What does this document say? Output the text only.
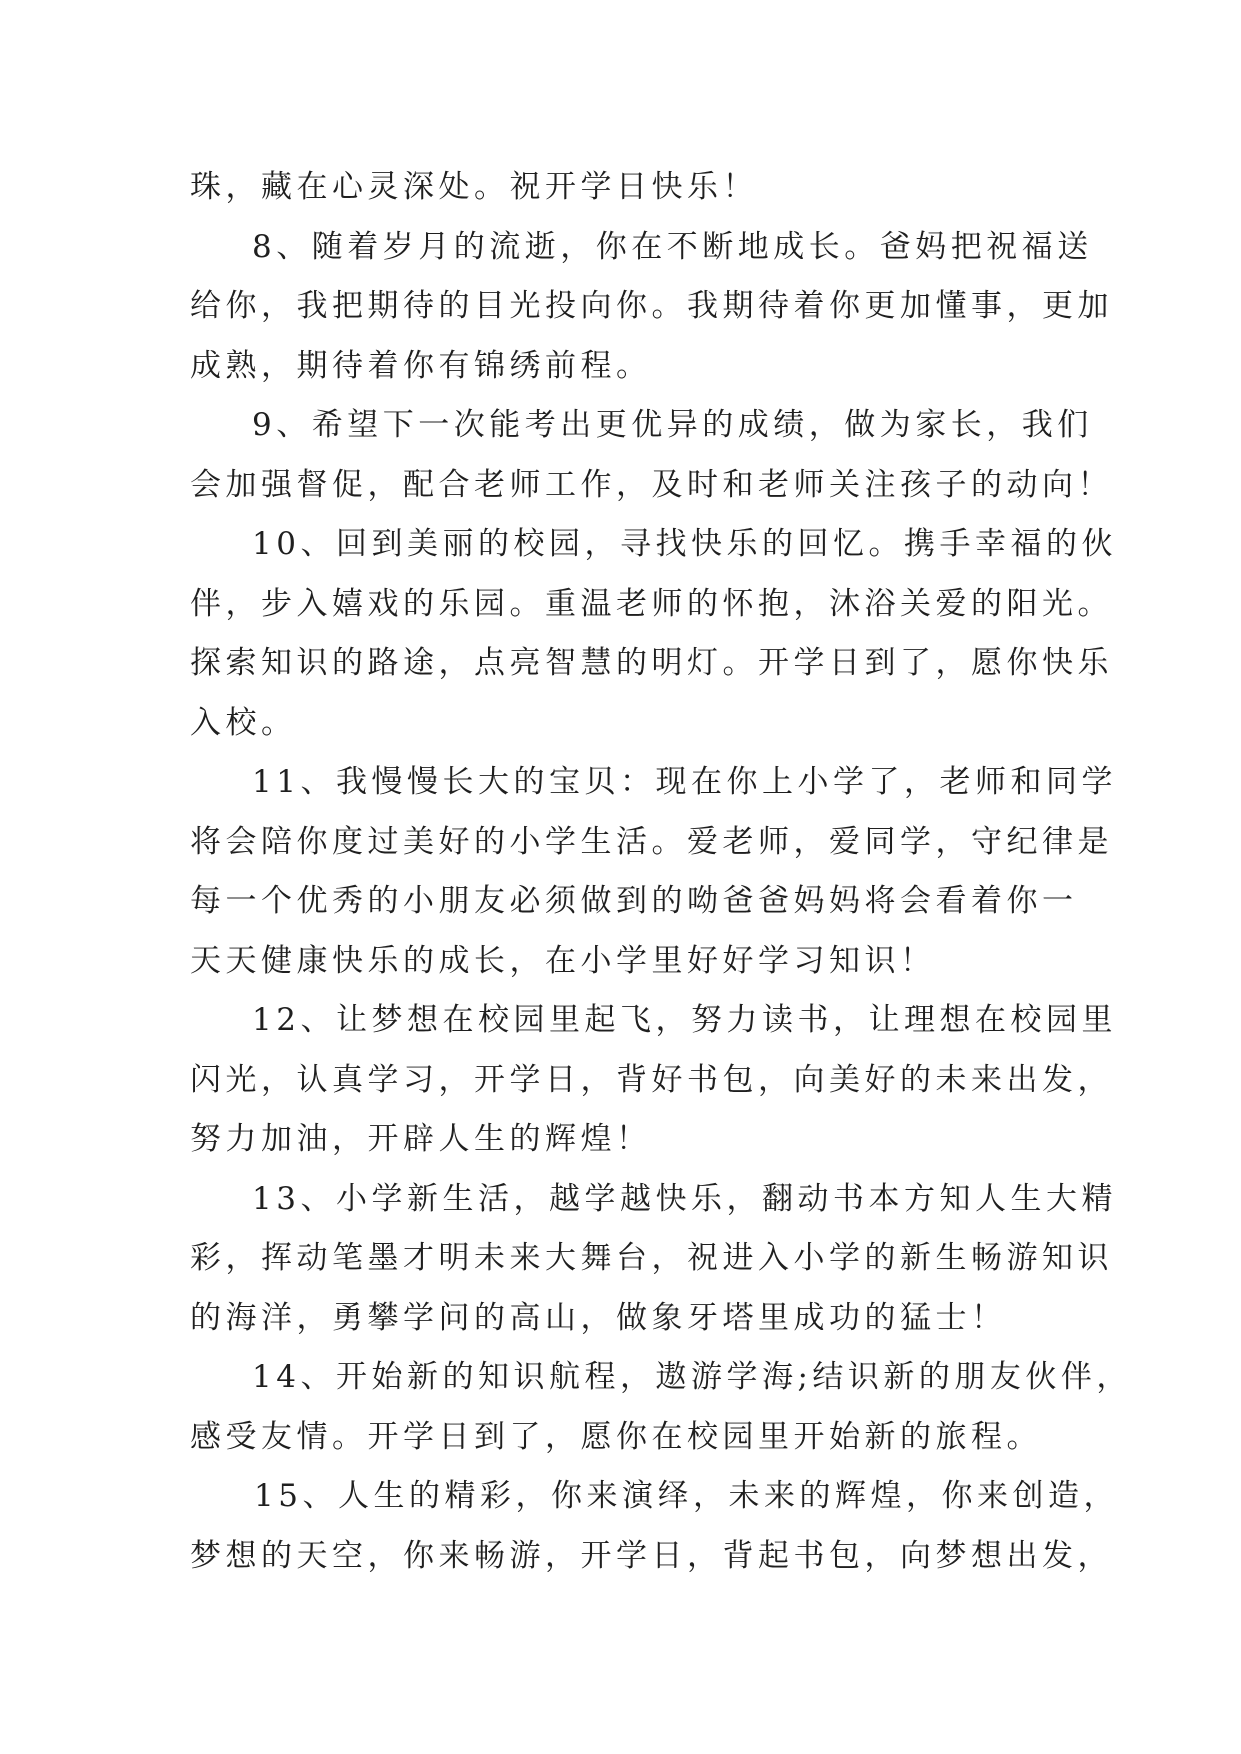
珠，藏在心灵深处。祝开学日快乐！
8、随着岁月的流逝，你在不断地成长。爸妈把祝福送
给你，我把期待的目光投向你。我期待着你更加懂事，更加
成熟，期待着你有锦绣前程。
9、希望下一次能考出更优异的成绩，做为家长，我们
会加强督促，配合老师工作，及时和老师关注孩子的动向！
10、回到美丽的校园，寻找快乐的回忆。携手幸福的伙
伴，步入嬉戏的乐园。重温老师的怀抱，沐浴关爱的阳光。
探索知识的路途，点亮智慧的明灯。开学日到了，愿你快乐
入校。
11、我慢慢长大的宝贝：现在你上小学了，老师和同学
将会陪你度过美好的小学生活。爱老师，爱同学，守纪律是
每一个优秀的小朋友必须做到的呦爸爸妈妈将会看着你一
天天健康快乐的成长，在小学里好好学习知识！
12、让梦想在校园里起飞，努力读书，让理想在校园里
闪光，认真学习，开学日，背好书包，向美好的未来出发，
努力加油，开辟人生的辉煌！
13、小学新生活，越学越快乐，翻动书本方知人生大精
彩，挥动笔墨才明未来大舞台，祝进入小学的新生畅游知识
的海洋，勇攀学问的高山，做象牙塔里成功的猛士！
14、开始新的知识航程，遨游学海;结识新的朋友伙伴，
感受友情。开学日到了，愿你在校园里开始新的旅程。
15、人生的精彩，你来演绎，未来的辉煌，你来创造，
梦想的天空，你来畅游，开学日，背起书包，向梦想出发，
